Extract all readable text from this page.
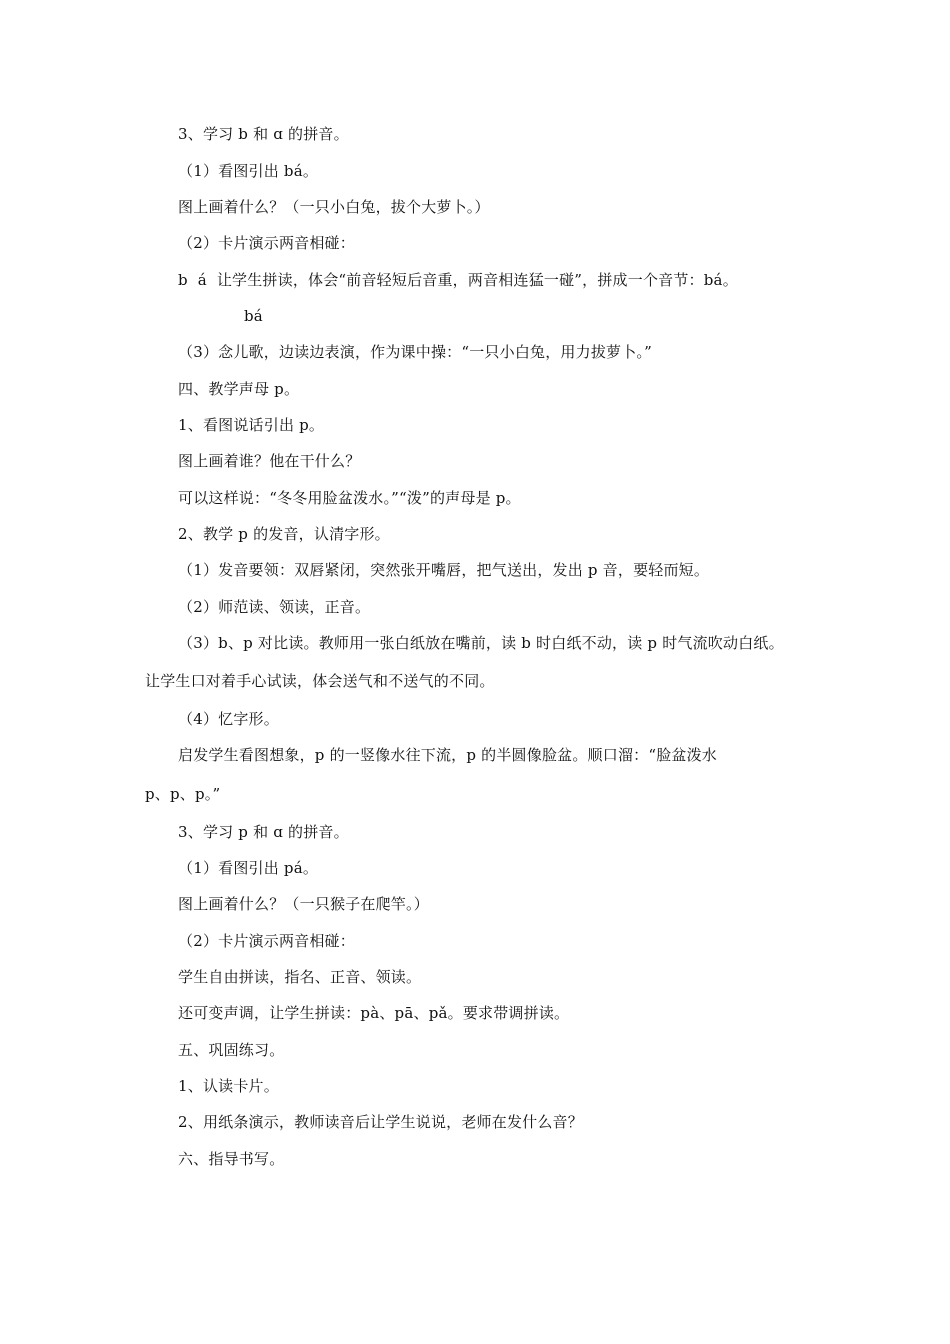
3、学习 b 和 ɑ 的拼音。
（1）看图引出 bá。
图上画着什么？（一只小白兔，拔个大萝卜。）
（2）卡片演示两音相碰：
b  á  让学生拼读，体会“前音轻短后音重，两音相连猛一碰”，拼成一个音节：bá。
bá
（3）念儿歌，边读边表演，作为课中操：“一只小白兔，用力拔萝卜。”
四、教学声母 p。
1、看图说话引出 p。
图上画着谁？他在干什么？
可以这样说：“冬冬用脸盆泼水。”“泼”的声母是 p。
2、教学 p 的发音，认清字形。
（1）发音要领：双唇紧闭，突然张开嘴唇，把气送出，发出 p 音，要轻而短。
（2）师范读、领读，正音。
（3）b、p 对比读。教师用一张白纸放在嘴前，读 b 时白纸不动，读 p 时气流吹动白纸。
让学生口对着手心试读，体会送气和不送气的不同。
（4）忆字形。
启发学生看图想象，p 的一竖像水往下流，p 的半圆像脸盆。顺口溜：“脸盆泼水
p、p、p。”
3、学习 p 和 ɑ 的拼音。
（1）看图引出 pá。
图上画着什么？（一只猴子在爬竿。）
（2）卡片演示两音相碰：
学生自由拼读，指名、正音、领读。
还可变声调，让学生拼读：pà、pā、pǎ。要求带调拼读。
五、巩固练习。
1、认读卡片。
2、用纸条演示，教师读音后让学生说说，老师在发什么音？
六、指导书写。
